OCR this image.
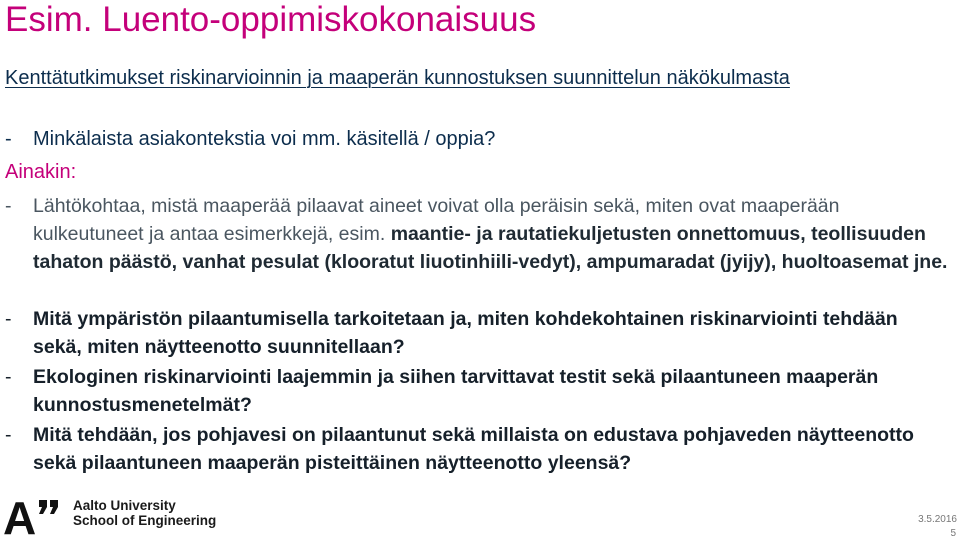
Esim. Luento-oppimiskokonaisuus
Kenttätutkimukset riskinarvioinnin ja maaperän kunnostuksen suunnittelun näkökulmasta
- Minkälaista asiakontekstia voi mm. käsitellä / oppia?
Ainakin:
-	Lähtökohtaa, mistä maaperää pilaavat aineet voivat olla peräisin sekä, miten ovat maaperään kulkeutuneet ja antaa esimerkkejä, esim. maantie- ja rautatiekuljetusten onnettomuus, teollisuuden tahaton päästö, vanhat pesulat (klooratut liuotinhiili-vedyt), ampumaradat (jyijy), huoltoasemat jne.
-	Mitä ympäristön pilaantumisella tarkoitetaan ja, miten kohdekohtainen riskinarviointi tehdään sekä, miten näytteenotto suunnitellaan?
-	Ekologinen riskinarviointi laajemmin ja siihen tarvittavat testit sekä pilaantuneen maaperän kunnostusmenetelmät?
-	Mitä tehdään, jos pohjavesi on pilaantunut sekä millaista on edustava pohjaveden näytteenotto sekä pilaantuneen maaperän pisteittäinen näytteenotto yleensä?
A	Aalto University
School of Engineering	3.5.2016
5
